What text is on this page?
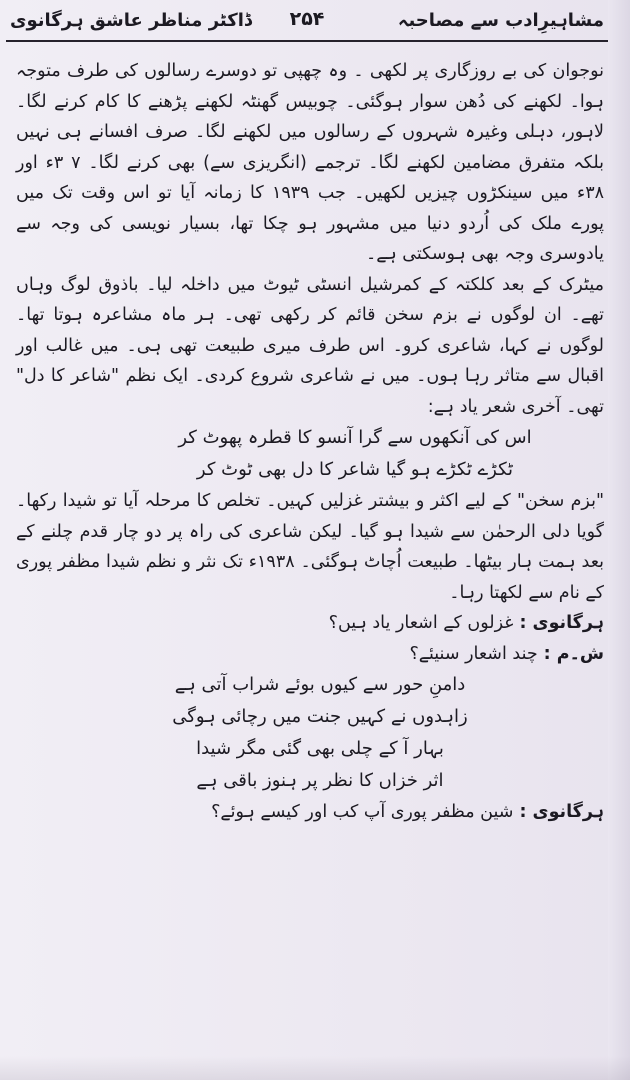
مشاہیرِادب سے مصاحبہ
۲۵۴
ڈاکٹر مناظر عاشق ہرگانوی

نوجوان کی بے روزگاری پر لکھی ۔ وہ چھپی تو دوسرے رسالوں کی طرف متوجہ ہوا۔ لکھنے کی دُھن سوار ہوگئی۔ چوبیس گھنٹہ لکھنے پڑھنے کا کام کرنے لگا۔ لاہور، دہلی وغیرہ شہروں کے رسالوں میں لکھنے لگا۔ صرف افسانے ہی نہیں بلکہ متفرق مضامین لکھنے لگا۔ ترجمے (انگریزی سے) بھی کرنے لگا۔ ۷ ۳ء اور ۳۸ء میں سینکڑوں چیزیں لکھیں۔ جب ۱۹۳۹ کا زمانہ آیا تو اس وقت تک میں پورے ملک کی اُردو دنیا میں مشہور ہو چکا تھا، بسیار نویسی کی وجہ سے یادوسری وجہ بھی ہوسکتی ہے۔

میٹرک کے بعد کلکتہ کے کمرشیل انسٹی ٹیوٹ میں داخلہ لیا۔ باذوق لوگ وہاں تھے۔ ان لوگوں نے بزم سخن قائم کر رکھی تھی۔ ہر ماہ مشاعرہ ہوتا تھا۔ لوگوں نے کہا، شاعری کرو۔ اس طرف میری طبیعت تھی ہی۔ میں غالب اور اقبال سے متاثر رہا ہوں۔ میں نے شاعری شروع کردی۔ ایک نظم "شاعر کا دل" تھی۔ آخری شعر یاد ہے:

اس کی آنکھوں سے گرا آنسو کا قطرہ پھوٹ کر
ٹکڑے ٹکڑے ہو گیا شاعر کا دل بھی ٹوٹ کر

"بزم سخن" کے لیے اکثر و بیشتر غزلیں کہیں۔ تخلص کا مرحلہ آیا تو شیدا رکھا۔ گویا دلی الرحمٰن سے شیدا ہو گیا۔ لیکن شاعری کی راہ پر دو چار قدم چلنے کے بعد ہمت ہار بیٹھا۔ طبیعت اُچاٹ ہوگئی۔ ۱۹۳۸ء تک نثر و نظم شیدا مظفر پوری کے نام سے لکھتا رہا۔

ہرگانوی :
غزلوں کے اشعار یاد ہیں؟
ش۔م :
چند اشعار سنیئے؟
دامنِ حور سے کیوں بوئے شراب آتی ہے
زاہدوں نے کہیں جنت میں رچائی ہوگی
بہار آ کے چلی بھی گئی مگر شیدا
اثر خزاں کا نظر پر ہنوز باقی ہے
ہرگانوی :
شین مظفر پوری آپ کب اور کیسے ہوئے؟
